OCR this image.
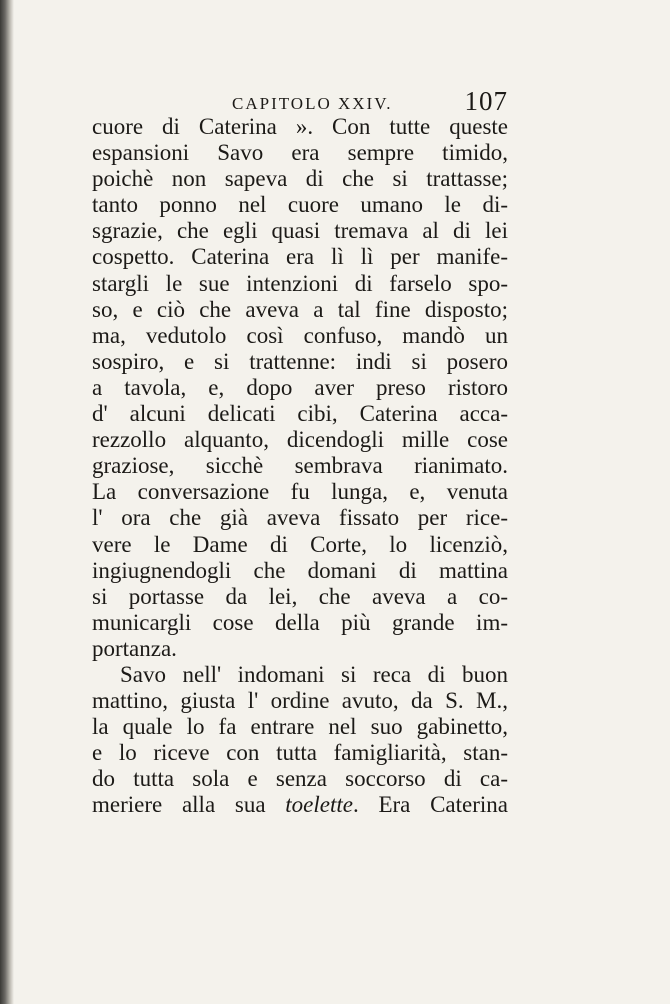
CAPITOLO XXIV.	107
cuore di Caterina ». Con tutte queste
espansioni Savo era sempre timido,
poichè non sapeva di che si trattasse;
tanto ponno nel cuore umano le di-
sgrazie, che egli quasi tremava al di lei
cospetto. Caterina era lì lì per manife-
stargli le sue intenzioni di farselo spo-
so, e ciò che aveva a tal fine disposto;
ma, vedutolo così confuso, mandò un
sospiro, e si trattenne: indi si posero
a tavola, e, dopo aver preso ristoro
d' alcuni delicati cibi, Caterina acca-
rezzollo alquanto, dicendogli mille cose
graziose, sicchè sembrava rianimato.
La conversazione fu lunga, e, venuta
l' ora che già aveva fissato per rice-
vere le Dame di Corte, lo licenziò,
ingiugnendogli che domani di mattina
si portasse da lei, che aveva a co-
municargli cose della più grande im-
portanza.
Savo nell' indomani si reca di buon
mattino, giusta l' ordine avuto, da S. M.,
la quale lo fa entrare nel suo gabinetto,
e lo riceve con tutta famigliarità, stan-
do tutta sola e senza soccorso di ca-
meriere alla sua toelette. Era Caterina
